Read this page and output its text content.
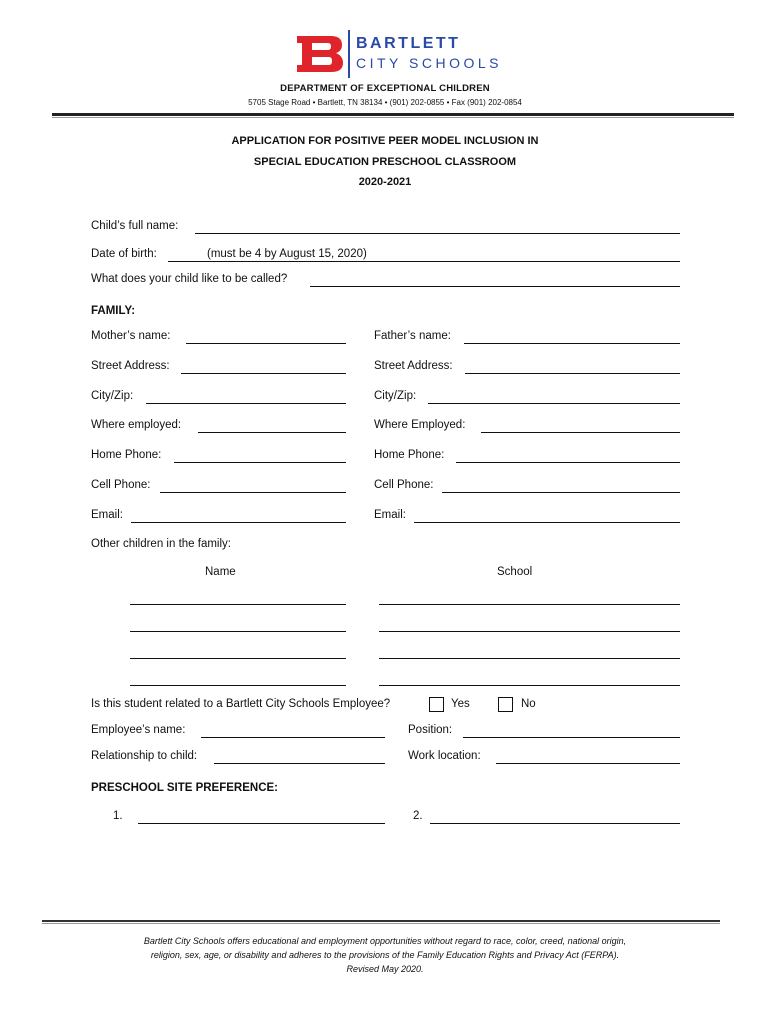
BARTLETT
CITY SCHOOLS
DEPARTMENT OF EXCEPTIONAL CHILDREN
5705 Stage Road • Bartlett, TN 38134 • (901) 202-0855 • Fax (901) 202-0854
APPLICATION FOR POSITIVE PEER MODEL INCLUSION IN
SPECIAL EDUCATION PRESCHOOL CLASSROOM
2020-2021
Child’s full name:
Date of birth:	(must be 4 by August 15, 2020)
What does your child like to be called?
FAMILY:
Mother’s name:	Father’s name:
Street Address:	Street Address:
City/Zip:	City/Zip:
Where employed:	Where Employed:
Home Phone:	Home Phone:
Cell Phone:	Cell Phone:
Email:	Email:
Other children in the family:
Name	School
Is this student related to a Bartlett City Schools Employee?	Yes	No
Employee’s name:	Position:
Relationship to child:	Work location:
PRESCHOOL SITE PREFERENCE:
1.	2.
Bartlett City Schools offers educational and employment opportunities without regard to race, color, creed, national origin,
religion, sex, age, or disability and adheres to the provisions of the Family Education Rights and Privacy Act (FERPA).
Revised May 2020.
